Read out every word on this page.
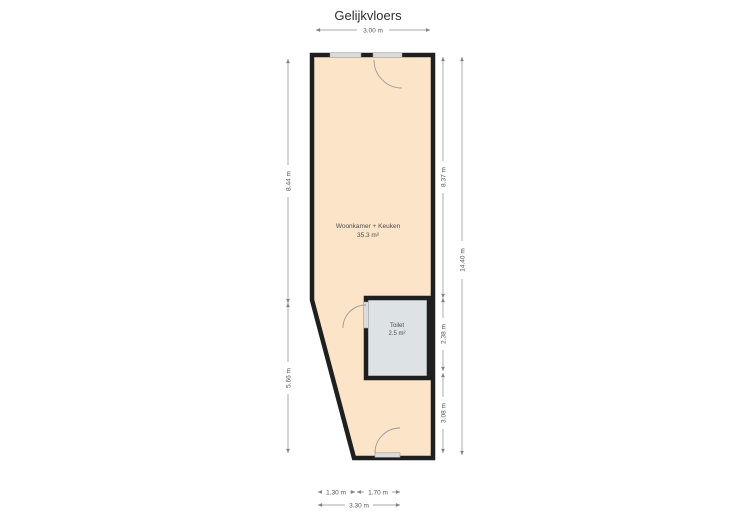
Gelijkvloers
3.00 m
Woonkamer + Keuken
35.3 m²
Toilet
2.5 m²
8.44 m
5.66 m
8.37 m
2.38 m
3.08 m
14.40 m
1.30 m	1.70 m
3.30 m
